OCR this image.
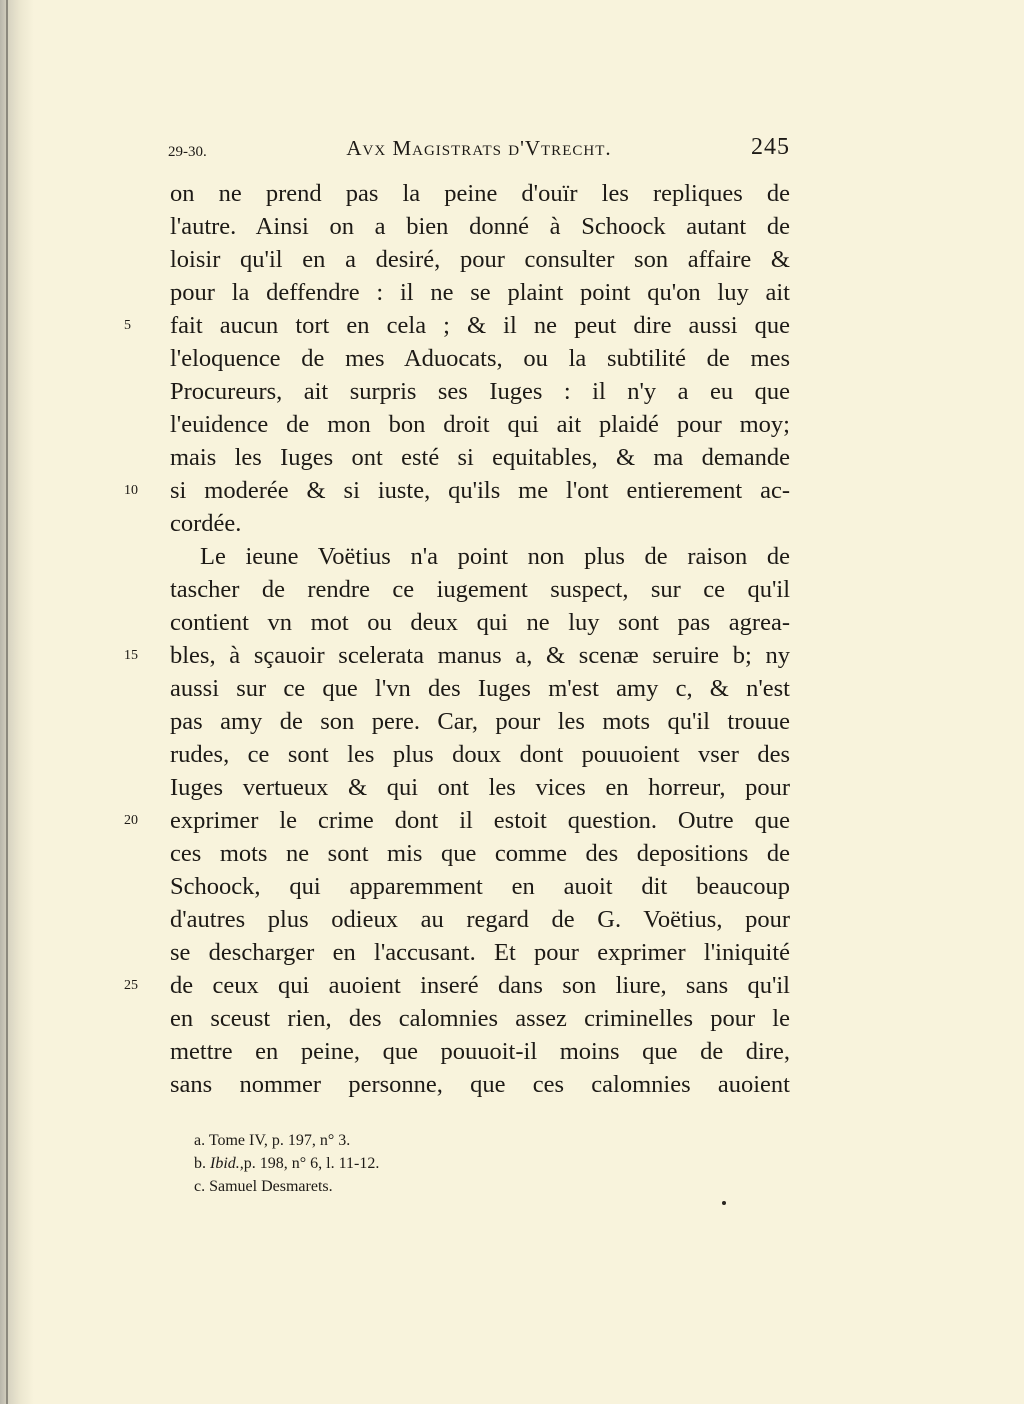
29-30.	Avx Magistrats d'Vtrecht.	245
on ne prend pas la peine d'ouïr les repliques de
l'autre. Ainsi on a bien donné à Schoock autant de
loisir qu'il en a desiré, pour consulter son affaire &
pour la deffendre : il ne se plaint point qu'on luy ait
5	fait aucun tort en cela ; & il ne peut dire aussi que
l'eloquence de mes Aduocats, ou la subtilité de mes
Procureurs, ait surpris ses Iuges : il n'y a eu que
l'euidence de mon bon droit qui ait plaidé pour moy;
mais les Iuges ont esté si equitables, & ma demande
10	si moderée & si iuste, qu'ils me l'ont entierement ac-
cordée.
Le ieune Voëtius n'a point non plus de raison de
tascher de rendre ce iugement suspect, sur ce qu'il
contient vn mot ou deux qui ne luy sont pas agrea-
15	bles, à sçauoir scelerata manus a, & scenæ seruire b; ny
aussi sur ce que l'vn des Iuges m'est amy c, & n'est
pas amy de son pere. Car, pour les mots qu'il trouue
rudes, ce sont les plus doux dont pouuoient vser des
Iuges vertueux & qui ont les vices en horreur, pour
20	exprimer le crime dont il estoit question. Outre que
ces mots ne sont mis que comme des depositions de
Schoock, qui apparemment en auoit dit beaucoup
d'autres plus odieux au regard de G. Voëtius, pour
se descharger en l'accusant. Et pour exprimer l'iniquité
25	de ceux qui auoient inseré dans son liure, sans qu'il
en sceust rien, des calomnies assez criminelles pour le
mettre en peine, que pouuoit-il moins que de dire,
sans nommer personne, que ces calomnies auoient
a. Tome IV, p. 197, n° 3.
b. Ibid.,p. 198, n° 6, l. 11-12.
c. Samuel Desmarets.
